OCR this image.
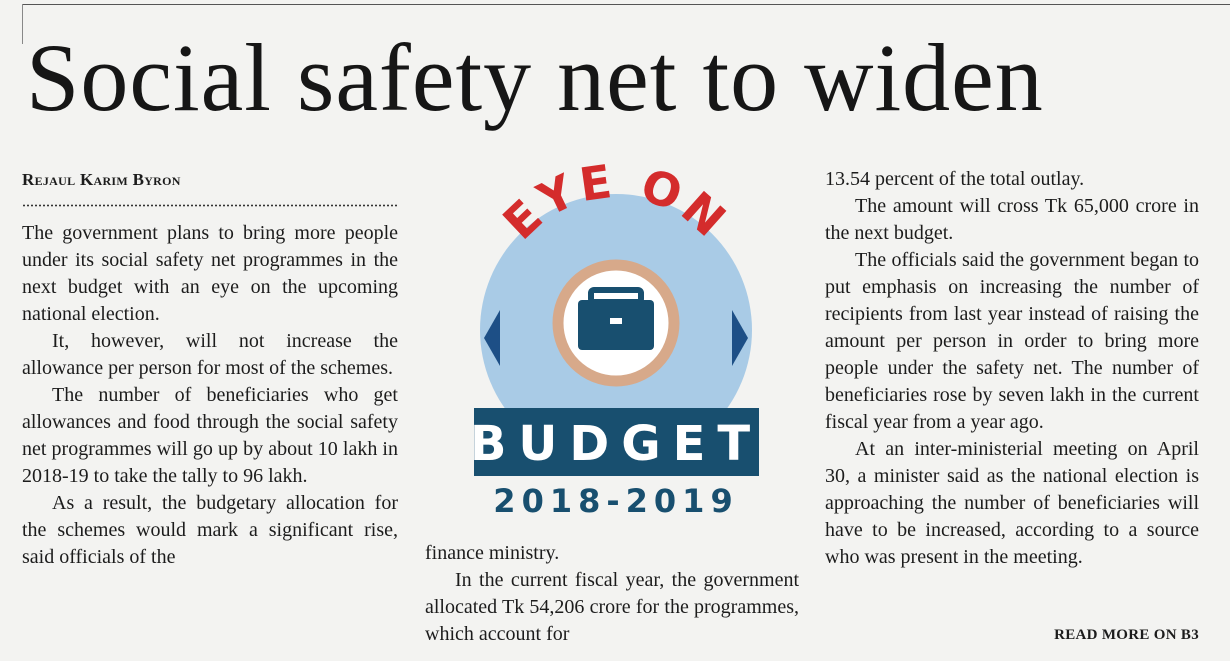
Social safety net to widen
Rejaul Karim Byron

The government plans to bring more people under its social safety net programmes in the next budget with an eye on the upcoming national election.

It, however, will not increase the allowance per person for most of the schemes.

The number of beneficiaries who get allowances and food through the social safety net programmes will go up by about 10 lakh in 2018-19 to take the tally to 96 lakh.

As a result, the budgetary allocation for the schemes would mark a significant rise, said officials of the	finance ministry.

In the current fiscal year, the government allocated Tk 54,206 crore for the programmes, which account for

13.54 percent of the total outlay.

The amount will cross Tk 65,000 crore in the next budget.

The officials said the government began to put emphasis on increasing the number of recipients from last year instead of raising the amount per person in order to bring more people under the safety net. The number of beneficiaries rose by seven lakh in the current fiscal year from a year ago.

At an inter-ministerial meeting on April 30, a minister said as the national election is approaching the number of beneficiaries will have to be increased, according to a source who was present in the meeting.

READ MORE ON B3
EYE ON
BUDGET
2018-2019
